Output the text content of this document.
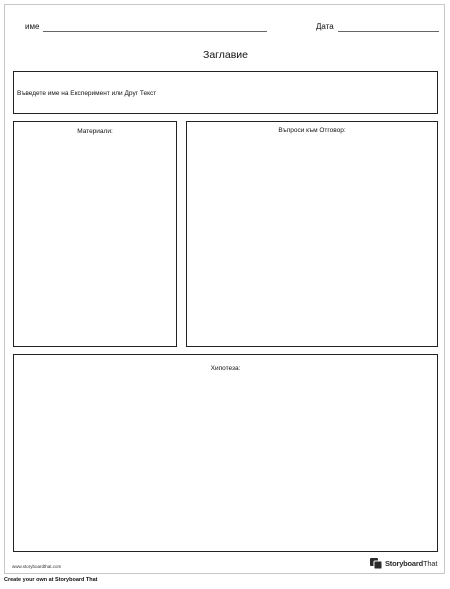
име	Дата
Заглавие
Въведете име на Експеримент или Друг Текст
Материали:	Въпроси към Отговор:
Хипотеза:
www.storyboardthat.com	StoryboardThat
Create your own at Storyboard That
